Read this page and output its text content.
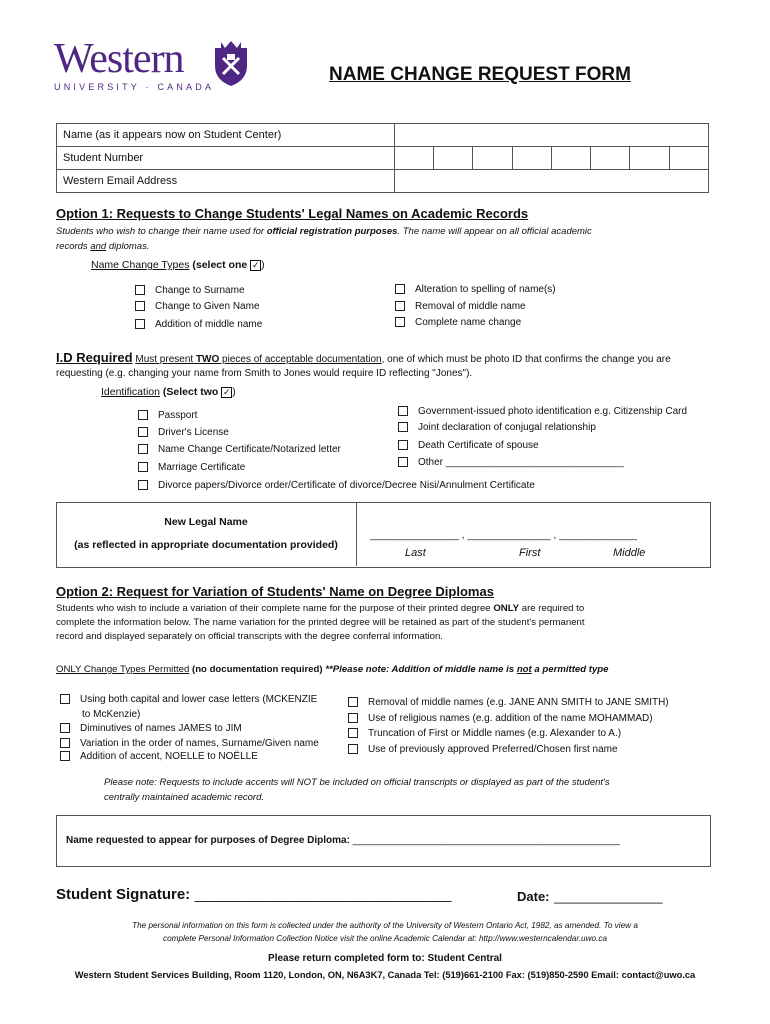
Western
UNIVERSITY · CANADA
NAME CHANGE REQUEST FORM
Name (as it appears now on Student Center)								
Student Number								
Western Email Address								
Option 1: Requests to Change Students' Legal Names on Academic Records
Students who wish to change their name used for official registration purposes. The name will appear on all official academic
records and diplomas.
Name Change Types (select one ✓ )
Change to Surname
Change to Given Name
Addition of middle name
Alteration to spelling of name(s)
Removal of middle name
Complete name change
I.D Required Must present TWO pieces of acceptable documentation, one of which must be photo ID that confirms the change you are
requesting (e.g. changing your name from Smith to Jones would require ID reflecting "Jones").
Identification (Select two ✓ )
Passport
Driver's License
Name Change Certificate/Notarized letter
Marriage Certificate
Government-issued photo identification e.g. Citizenship Card
Joint declaration of conjugal relationship
Death Certificate of spouse
Other ________________________________
Divorce papers/Divorce order/Certificate of divorce/Decree Nisi/Annulment Certificate
New Legal Name
(as reflected in appropriate documentation provided)
________________ , _______________ , ______________
Last	First	Middle
Option 2: Request for Variation of Students' Name on Degree Diplomas
Students who wish to include a variation of their complete name for the purpose of their printed degree ONLY are required to
complete the information below. The name variation for the printed degree will be retained as part of the student's permanent
record and displayed separately on official transcripts with the degree conferral information.
ONLY Change Types Permitted (no documentation required) **Please note: Addition of middle name is not a permitted type
Using both capital and lower case letters (MCKENZIE
to McKenzie)
Diminutives of names JAMES to JIM
Variation in the order of names, Surname/Given name
Addition of accent, NOELLE to NOËLLE
Removal of middle names (e.g. JANE ANN SMITH to JANE SMITH)
Use of religious names (e.g. addition of the name MOHAMMAD)
Truncation of First or Middle names (e.g. Alexander to A.)
Use of previously approved Preferred/Chosen first name
Please note: Requests to include accents will NOT be included on official transcripts or displayed as part of the student's
centrally maintained academic record.
Name requested to appear for purposes of Degree Diploma: ________________________________________________
Student Signature: _________________________________	Date: _______________
The personal information on this form is collected under the authority of the University of Western Ontario Act, 1982, as amended. To view a
complete Personal Information Collection Notice visit the online Academic Calendar at: http://www.westerncalendar.uwo.ca
Please return completed form to: Student Central
Western Student Services Building, Room 1120, London, ON, N6A3K7, Canada Tel: (519)661-2100 Fax: (519)850-2590 Email: contact@uwo.ca
